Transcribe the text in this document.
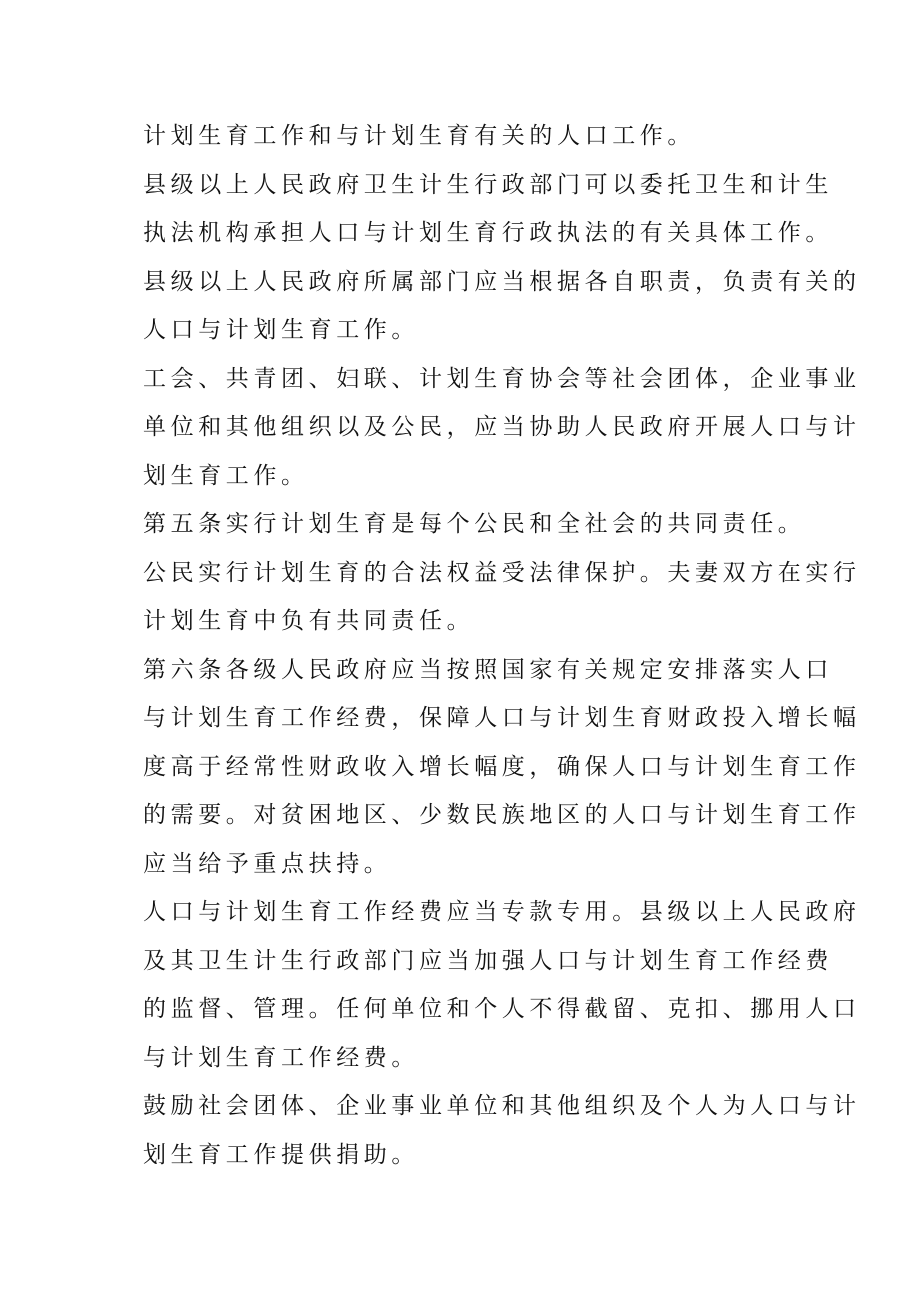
计划生育工作和与计划生育有关的人口工作。

县级以上人民政府卫生计生行政部门可以委托卫生和计生
执法机构承担人口与计划生育行政执法的有关具体工作。

县级以上人民政府所属部门应当根据各自职责，负责有关的
人口与计划生育工作。

工会、共青团、妇联、计划生育协会等社会团体，企业事业
单位和其他组织以及公民，应当协助人民政府开展人口与计
划生育工作。

第五条实行计划生育是每个公民和全社会的共同责任。

公民实行计划生育的合法权益受法律保护。夫妻双方在实行
计划生育中负有共同责任。

第六条各级人民政府应当按照国家有关规定安排落实人口
与计划生育工作经费，保障人口与计划生育财政投入增长幅
度高于经常性财政收入增长幅度，确保人口与计划生育工作
的需要。对贫困地区、少数民族地区的人口与计划生育工作
应当给予重点扶持。

人口与计划生育工作经费应当专款专用。县级以上人民政府
及其卫生计生行政部门应当加强人口与计划生育工作经费
的监督、管理。任何单位和个人不得截留、克扣、挪用人口
与计划生育工作经费。

鼓励社会团体、企业事业单位和其他组织及个人为人口与计
划生育工作提供捐助。
